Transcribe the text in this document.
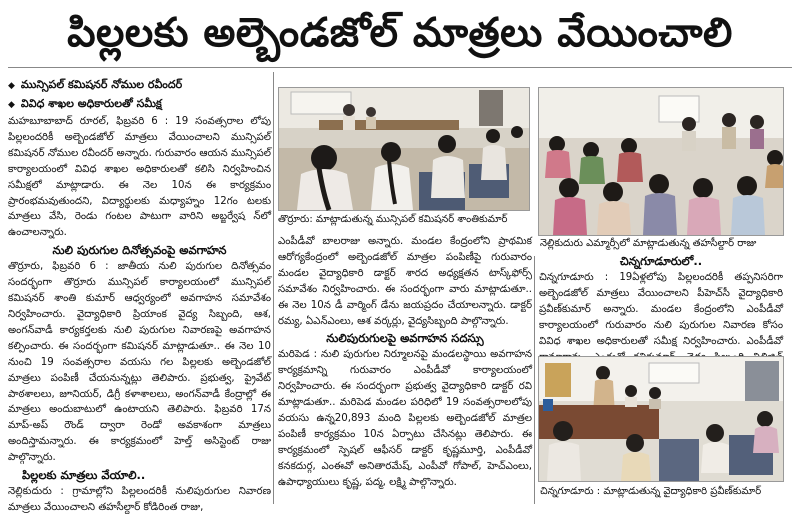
పిల్లలకు అల్బెండజోల్ మాత్రలు వేయించాలి
◆ మున్సిపల్ కమిషనర్ నోముల రవీందర్
◆ వివిధ శాఖల అధికారులతో సమీక్ష

మహబూబాబాద్ రూరల్, ఫిబ్రవరి 6 : 19 సంవత్సరాల లోపు పిల్లలందరికీ అల్బెండజోల్ మాత్రలు వేయించాలని మున్సిపల్ కమిషనర్ నోముల రవీందర్ అన్నారు. గురువారం ఆయన మున్సిపల్ కార్యాలయంలో వివిధ శాఖల అధికారులతో కలిసి నిర్వహించిన సమీక్షలో మాట్లాడారు. ఈ నెల 10న ఈ కార్యక్రమం ప్రారంభమవుతుందని, విద్యార్థులకు మధ్యాహ్నం 12గం టలకు మాత్రలు వేసి, రెండు గంటల పాటుగా వారిని అబ్జర్వేష న్‌లో ఉంచాలన్నారు.

నులి పురుగుల దినోత్సవంపై అవగాహన

తొర్రూరు, ఫిబ్రవరి 6 : జాతీయ నులి పురుగుల దినోత్సవం సందర్భంగా తొర్రూరు మున్సిపల్ కార్యాలయంలో మున్సిపల్ కమిషనర్ శాంతి కుమార్ ఆధ్వర్యంలో అవగాహన సమావేశం నిర్వహించారు. వైద్యాధికారి ప్రియాంక వైద్య సిబ్బంది, ఆశ, అంగన్‌వాడీ కార్యకర్తలకు నులి పురుగుల నివారణపై అవగాహన కల్పించారు. ఈ సందర్భంగా కమిషనర్ మాట్లాడుతూ.. ఈ నెల 10 నుంచి 19 సంవత్సరాల వయసు గల పిల్లలకు అల్బెండజోల్ మాత్రలు పంపిణీ చేయనున్నట్లు తెలిపారు. ప్రభుత్వ, ప్రైవేట్ పాఠశాలలు, జూనియర్, డిగ్రీ కళాశాలలు, అంగన్‌వాడీ కేంద్రాల్లో ఈ మాత్రలు అందుబాటులో ఉంటాయని తెలిపారు. ఫిబ్రవరి 17న మాప్-అప్ రౌండ్ ద్వారా రెండో అవకాశంగా మాత్రలు అందిస్తామన్నారు. ఈ కార్యక్రమంలో హెల్త్ అసిస్టెంట్ రాజు పాల్గొన్నారు.

పిల్లలకు మాత్రలు వేయాలి..

నెల్లికుదురు : గ్రామాల్లోని పిల్లలందరికీ నులిపురుగుల నివారణ మాత్రలు వేయించాలని తహసీల్దార్ కోడిరింత రాజు,

తొర్రూరు: మాట్లాడుతున్న మున్సిపల్ కమిషనర్ శాంతికుమార్
నెల్లికుదురు ఎమ్మార్సీలో మాట్లాడుతున్న తహసీల్దార్ రాజు

ఎంపీడీవో బాలరాజు అన్నారు. మండల కేంద్రంలోని ప్రాథమిక ఆరోగ్యకేంద్రంలో అల్బెండజోల్ మాత్రల పంపిణీపై గురువారం మండల వైద్యాధికారి డాక్టర్ శారద అధ్యక్షతన టాస్క్‌ఫోర్స్ సమావేశం నిర్వహించారు. ఈ సందర్భంగా వారు మాట్లాడుతూ.. ఈ నెల 10న డీ వార్మింగ్ డేను జయప్రదం చేయాలన్నారు. డాక్టర్ రమ్య, ఏఎన్ఎంలు, ఆశ వర్కర్లు, వైద్యసిబ్బంది పాల్గొన్నారు.

నులిపురుగులపై అవగాహన సదస్సు

మరిపెడ : నులి పురుగుల నిర్మూలనపై మండలస్థాయి అవగాహన కార్యక్రమాన్ని గురువారం ఎంపీడీవో కార్యాలయంలో నిర్వహించారు. ఈ సందర్భంగా ప్రభుత్వ వైద్యాధికారి డాక్టర్ రవి మాట్లాడుతూ.. మరిపెడ మండల పరిధిలో 19 సంవత్సరాలలోపు వయసు ఉన్న20,893 మంది పిల్లలకు అల్బెండజోల్ మాత్రల పంపిణీ కార్యక్రమం 10న ఏర్పాటు చేసినట్లు తెలిపారు. ఈ కార్యక్రమంలో స్పెషల్ ఆఫీసర్ డాక్టర్ కృష్ణమూర్తి, ఎంపీడీవో కనకదుర్గ, ఎంఈవో అనితారమేష్, ఎంపీవో గోపాల్, హెచ్ఎంలు, ఉపాధ్యాయులు కృష్ణ, పద్మ, లక్ష్మి పాల్గొన్నారు.

చిన్నగూడూరులో..

చిన్నగూడూరు : 19ఏళ్లలోపు పిల్లలందరికీ తప్పనిసరిగా అల్బెండజోల్ మాత్రలు వేయించాలని పీహెచ్‌సీ వైద్యాధికారి ప్రవీణ్‌కుమార్ అన్నారు. మండల కేంద్రంలోని ఎంపీడీవో కార్యాలయంలో గురువారం నులి పురుగుల నివారణ కోసం వివిధ శాఖల అధికారులతో సమీక్ష నిర్వహించారు. ఎంపీడీవో

చిన్నగూడూరు : మాట్లాడుతున్న వైద్యాధికారి ప్రవీణ్‌కుమార్
